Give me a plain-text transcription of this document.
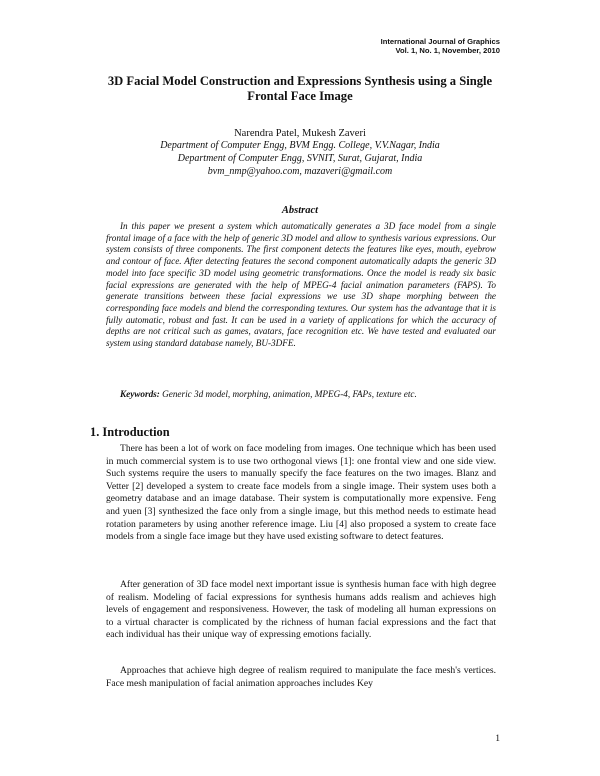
International Journal of Graphics
Vol. 1, No. 1, November, 2010
3D Facial Model Construction and Expressions Synthesis using a Single Frontal Face Image
Narendra Patel, Mukesh Zaveri
Department of Computer Engg, BVM Engg. College, V.V.Nagar, India
Department of Computer Engg, SVNIT, Surat, Gujarat, India
bvm_nmp@yahoo.com, mazaveri@gmail.com
Abstract
In this paper we present a system which automatically generates a 3D face model from a single frontal image of a face with the help of generic 3D model and allow to synthesis various expressions. Our system consists of three components. The first component detects the features like eyes, mouth, eyebrow and contour of face. After detecting features the second component automatically adapts the generic 3D model into face specific 3D model using geometric transformations. Once the model is ready six basic facial expressions are generated with the help of MPEG-4 facial animation parameters (FAPS). To generate transitions between these facial expressions we use 3D shape morphing between the corresponding face models and blend the corresponding textures. Our system has the advantage that it is fully automatic, robust and fast. It can be used in a variety of applications for which the accuracy of depths are not critical such as games, avatars, face recognition etc. We have tested and evaluated our system using standard database namely, BU-3DFE.
Keywords: Generic 3d model, morphing, animation, MPEG-4, FAPs, texture etc.
1. Introduction
There has been a lot of work on face modeling from images. One technique which has been used in much commercial system is to use two orthogonal views [1]: one frontal view and one side view. Such systems require the users to manually specify the face features on the two images. Blanz and Vetter [2] developed a system to create face models from a single image. Their system uses both a geometry database and an image database. Their system is computationally more expensive. Feng and yuen [3] synthesized the face only from a single image, but this method needs to estimate head rotation parameters by using another reference image. Liu [4] also proposed a system to create face models from a single face image but they have used existing software to detect features.
After generation of 3D face model next important issue is synthesis human face with high degree of realism. Modeling of facial expressions for synthesis humans adds realism and achieves high levels of engagement and responsiveness. However, the task of modeling all human expressions on to a virtual character is complicated by the richness of human facial expressions and the fact that each individual has their unique way of expressing emotions facially.
Approaches that achieve high degree of realism required to manipulate the face mesh's vertices. Face mesh manipulation of facial animation approaches includes Key
1
